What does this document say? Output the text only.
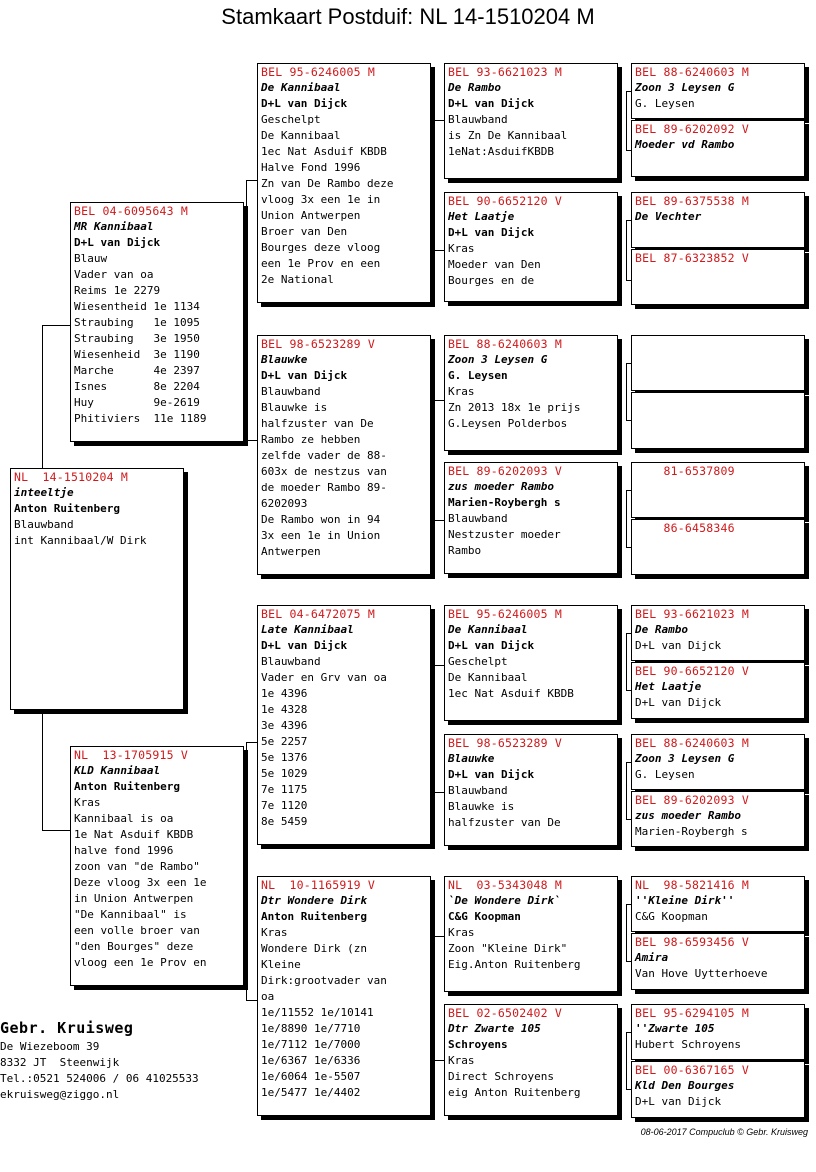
Stamkaart Postduif: NL 14-1510204 M
NL  14-1510204 M
inteeltje
Anton Ruitenberg
Blauwband
int Kannibaal/W Dirk
BEL 04-6095643 M
MR Kannibaal
D+L van Dijck
Blauw
Vader van oa
Reims 1e 2279
Wiesentheid 1e 1134
Straubing   1e 1095
Straubing   3e 1950
Wiesenheid  3e 1190
Marche      4e 2397
Isnes       8e 2204
Huy         9e-2619
Phitiviers  11e 1189
NL  13-1705915 V
KLD Kannibaal
Anton Ruitenberg
Kras
Kannibaal is oa
1e Nat Asduif KBDB
halve fond 1996
zoon van "de Rambo"
Deze vloog 3x een 1e
in Union Antwerpen
"De Kannibaal" is
een volle broer van
"den Bourges" deze
vloog een 1e Prov en
BEL 95-6246005 M
De Kannibaal
D+L van Dijck
Geschelpt
De Kannibaal
1ec Nat Asduif KBDB
Halve Fond 1996
Zn van De Rambo deze
vloog 3x een 1e in
Union Antwerpen
Broer van Den
Bourges deze vloog
een 1e Prov en een
2e National
BEL 98-6523289 V
Blauwke
D+L van Dijck
Blauwband
Blauwke is
halfzuster van De
Rambo ze hebben
zelfde vader de 88-
603x de nestzus van
de moeder Rambo 89-
6202093
De Rambo won in 94
3x een 1e in Union
Antwerpen
BEL 04-6472075 M
Late Kannibaal
D+L van Dijck
Blauwband
Vader en Grv van oa
1e 4396
1e 4328
3e 4396
5e 2257
5e 1376
5e 1029
7e 1175
7e 1120
8e 5459
NL  10-1165919 V
Dtr Wondere Dirk
Anton Ruitenberg
Kras
Wondere Dirk (zn
Kleine
Dirk:grootvader van
oa
1e/11552 1e/10141
1e/8890 1e/7710
1e/7112 1e/7000
1e/6367 1e/6336
1e/6064 1e-5507
1e/5477 1e/4402
BEL 93-6621023 M
De Rambo
D+L van Dijck
Blauwband
is Zn De Kannibaal
1eNat:AsduifKBDB
BEL 90-6652120 V
Het Laatje
D+L van Dijck
Kras
Moeder van Den
Bourges en de
BEL 88-6240603 M
Zoon 3 Leysen G
G. Leysen
Kras
Zn 2013 18x 1e prijs
G.Leysen Polderbos
BEL 89-6202093 V
zus moeder Rambo
Marien-Roybergh s
Blauwband
Nestzuster moeder
Rambo
BEL 95-6246005 M
De Kannibaal
D+L van Dijck
Geschelpt
De Kannibaal
1ec Nat Asduif KBDB
BEL 98-6523289 V
Blauwke
D+L van Dijck
Blauwband
Blauwke is
halfzuster van De
NL  03-5343048 M
`De Wondere Dirk`
C&G Koopman
Kras
Zoon "Kleine Dirk"
Eig.Anton Ruitenberg
BEL 02-6502402 V
Dtr Zwarte 105
Schroyens
Kras
Direct Schroyens
eig Anton Ruitenberg
BEL 88-6240603 M
Zoon 3 Leysen G
G. Leysen
BEL 89-6202092 V
Moeder vd Rambo
BEL 89-6375538 M
De Vechter
BEL 87-6323852 V
81-6537809
86-6458346
BEL 93-6621023 M
De Rambo
D+L van Dijck
BEL 90-6652120 V
Het Laatje
D+L van Dijck
BEL 88-6240603 M
Zoon 3 Leysen G
G. Leysen
BEL 89-6202093 V
zus moeder Rambo
Marien-Roybergh s
NL  98-5821416 M
''Kleine Dirk''
C&G Koopman
BEL 98-6593456 V
Amira
Van Hove Uytterhoeve
BEL 95-6294105 M
''Zwarte 105
Hubert Schroyens
BEL 00-6367165 V
Kld Den Bourges
D+L van Dijck
Gebr. Kruisweg
De Wiezeboom 39
8332 JT  Steenwijk
Tel.:0521 524006 / 06 41025533
ekruisweg@ziggo.nl
08-06-2017 Compuclub © Gebr. Kruisweg
